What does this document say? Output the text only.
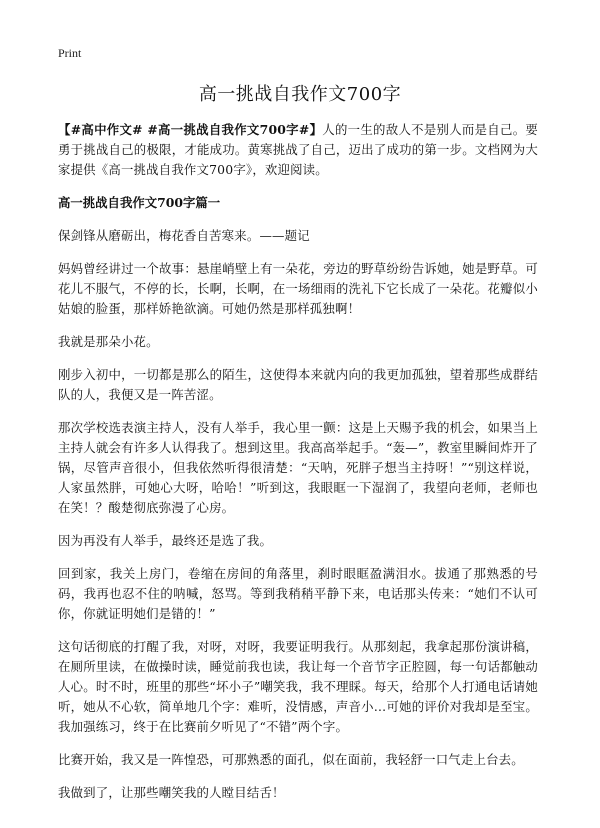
Print
高一挑战自我作文700字

【#高中作文# #高一挑战自我作文700字#】人的一生的敌人不是别人而是自己。要勇于挑战自己的极限，才能成功。黄寒挑战了自己，迈出了成功的第一步。文档网为大家提供《高一挑战自我作文700字》，欢迎阅读。

高一挑战自我作文700字篇一

保剑锋从磨砺出，梅花香自苦寒来。——题记

妈妈曾经讲过一个故事：悬崖峭壁上有一朵花，旁边的野草纷纷告诉她，她是野草。可花儿不服气，不停的长，长啊，长啊，在一场细雨的洗礼下它长成了一朵花。花瓣似小姑娘的脸蛋，那样娇艳欲滴。可她仍然是那样孤独啊！

我就是那朵小花。

刚步入初中，一切都是那么的陌生，这使得本来就内向的我更加孤独，望着那些成群结队的人，我便又是一阵苦涩。

那次学校选表演主持人，没有人举手，我心里一颤：这是上天赐予我的机会，如果当上主持人就会有许多人认得我了。想到这里。我高高举起手。“轰—”，教室里瞬间炸开了锅，尽管声音很小，但我依然听得很清楚：“天呐，死胖子想当主持呀！”“别这样说，人家虽然胖，可她心大呀，哈哈！”听到这，我眼眶一下湿润了，我望向老师，老师也在笑！？酸楚彻底弥漫了心房。

因为再没有人举手，最终还是选了我。

回到家，我关上房门，卷缩在房间的角落里，刹时眼眶盈满泪水。拔通了那熟悉的号码，我再也忍不住的呐喊，怒骂。等到我稍稍平静下来，电话那头传来：“她们不认可你，你就证明她们是错的！”

这句话彻底的打醒了我，对呀，对呀，我要证明我行。从那刻起，我拿起那份演讲稿，在厕所里读，在做操时读，睡觉前我也读，我让每一个音节字正腔圆，每一句话都触动人心。时不时，班里的那些“坏小子”嘲笑我，我不理睬。每天，给那个人打通电话请她听，她从不心软，简单地几个字：难听，没情感，声音小…可她的评价对我却是至宝。我加强练习，终于在比赛前夕听见了“不错”两个字。

比赛开始，我又是一阵惶恐，可那熟悉的面孔，似在面前，我轻舒一口气走上台去。

我做到了，让那些嘲笑我的人瞠目结舌！
